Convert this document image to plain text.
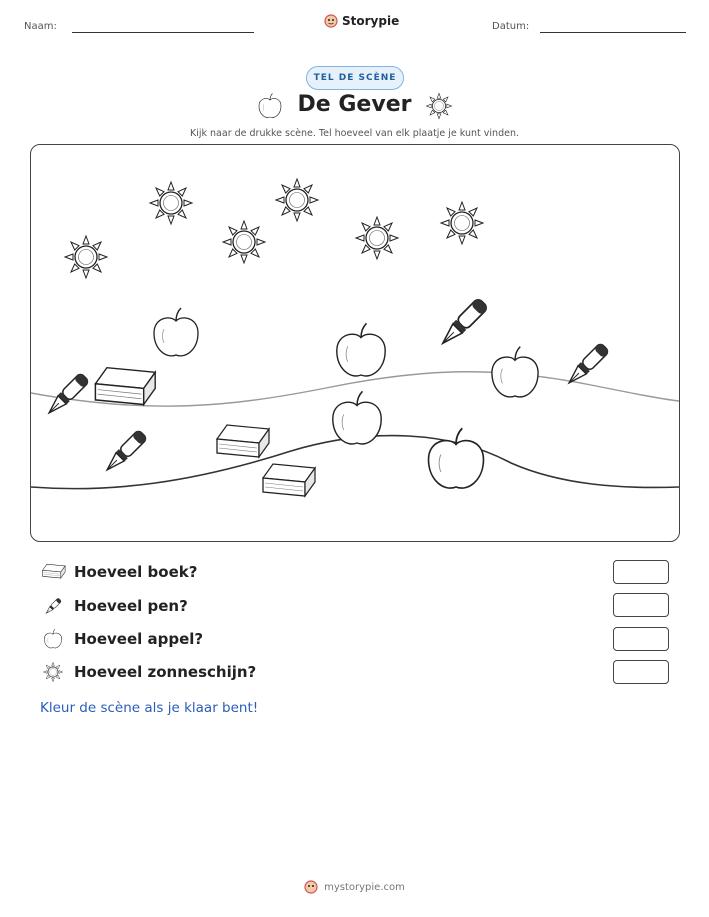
Naam:	Storypie	Datum:
TEL DE SCÈNE
De Gever
Kijk naar de drukke scène. Tel hoeveel van elk plaatje je kunt vinden.
Hoeveel boek?
Hoeveel pen?
Hoeveel appel?
Hoeveel zonneschijn?
Kleur de scène als je klaar bent!
mystorypie.com
